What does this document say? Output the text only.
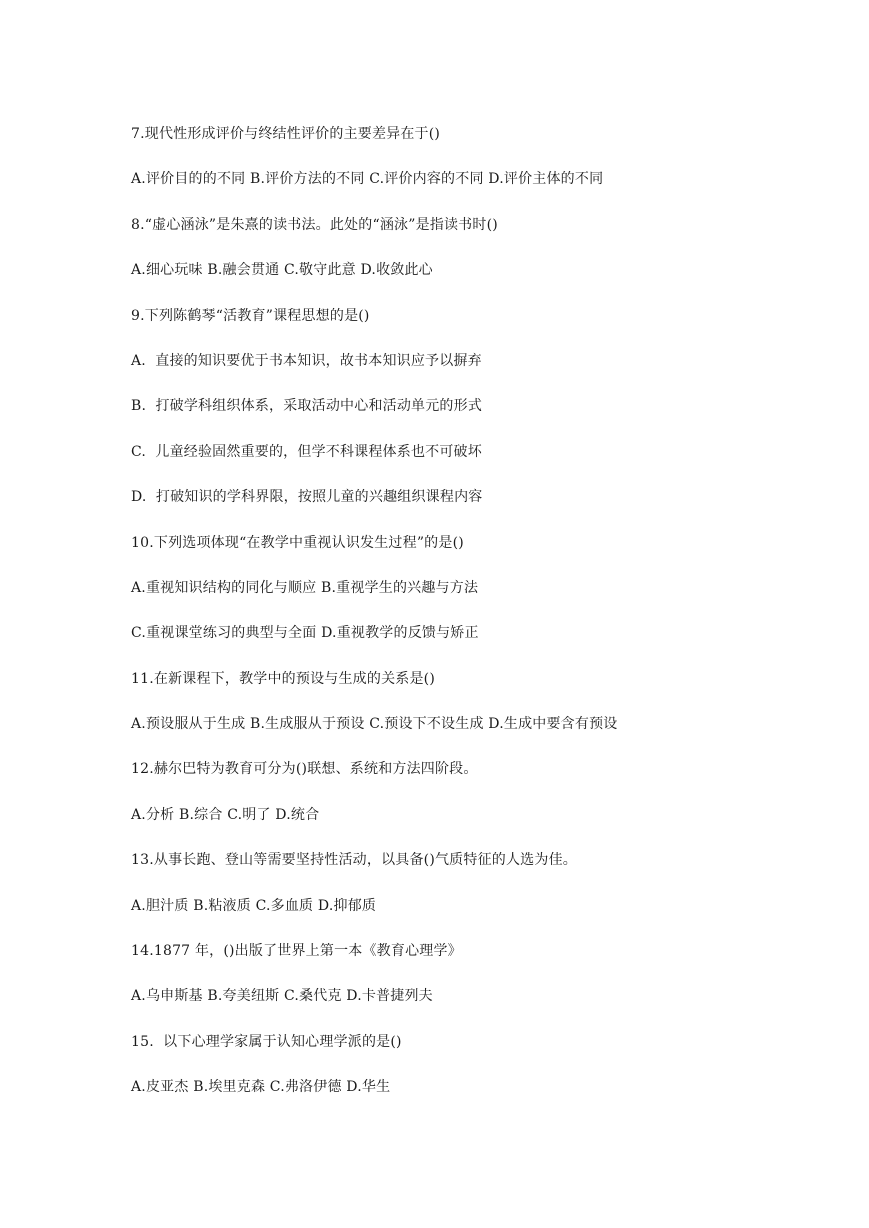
7.现代性形成评价与终结性评价的主要差异在于()
A.评价目的的不同 B.评价方法的不同 C.评价内容的不同 D.评价主体的不同
8.“虚心涵泳”是朱熹的读书法。此处的“涵泳”是指读书时()
A.细心玩味 B.融会贯通 C.敬守此意 D.收敛此心
9.下列陈鹤琴“活教育”课程思想的是()
A.  直接的知识要优于书本知识，故书本知识应予以摒弃
B.  打破学科组织体系，采取活动中心和活动单元的形式
C.  儿童经验固然重要的，但学不科课程体系也不可破坏
D.  打破知识的学科界限，按照儿童的兴趣组织课程内容
10.下列选项体现“在教学中重视认识发生过程”的是()
A.重视知识结构的同化与顺应 B.重视学生的兴趣与方法
C.重视课堂练习的典型与全面 D.重视教学的反馈与矫正
11.在新课程下，教学中的预设与生成的关系是()
A.预设服从于生成 B.生成服从于预设 C.预设下不设生成 D.生成中要含有预设
12.赫尔巴特为教育可分为()联想、系统和方法四阶段。
A.分析 B.综合 C.明了 D.统合
13.从事长跑、登山等需要坚持性活动，以具备()气质特征的人选为佳。
A.胆汁质 B.粘液质 C.多血质 D.抑郁质
14.1877 年，()出版了世界上第一本《教育心理学》
A.乌申斯基 B.夸美纽斯 C.桑代克 D.卡普捷列夫
15.  以下心理学家属于认知心理学派的是()
A.皮亚杰 B.埃里克森 C.弗洛伊德 D.华生
